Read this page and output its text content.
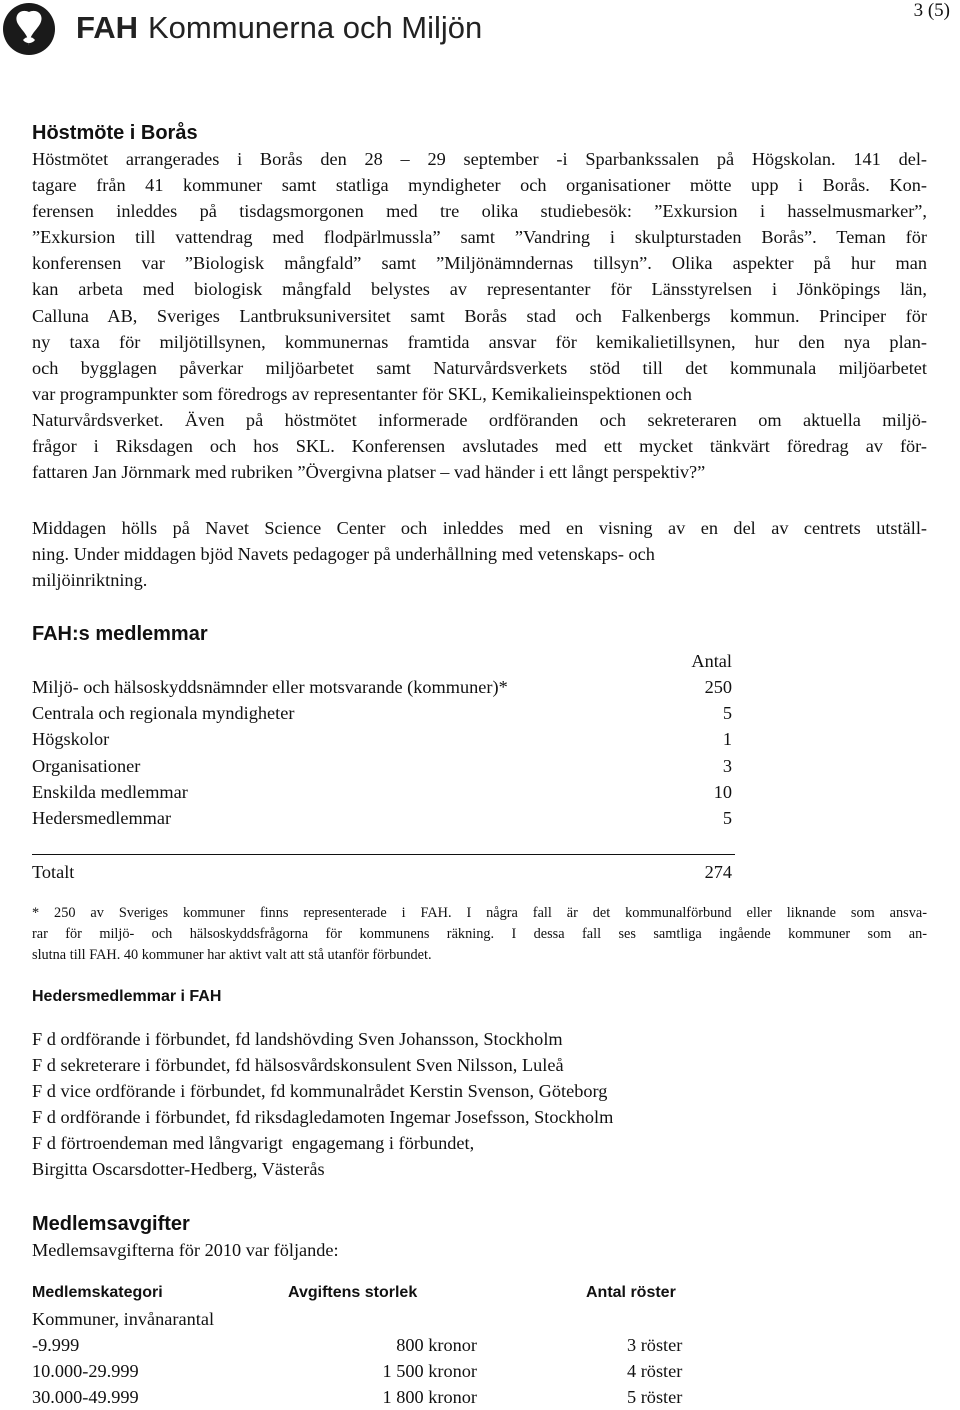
FAH Kommunerna och Miljön	3 (5)
Höstmöte i Borås
Höstmötet arrangerades i Borås den 28 – 29 september -i Sparbankssalen på Högskolan. 141 del-
tagare från 41 kommuner samt statliga myndigheter och organisationer mötte upp i Borås. Kon-
ferensen inleddes på tisdagsmorgonen med tre olika studiebesök: ”Exkursion i hasselmusmarker”,
”Exkursion till vattendrag med flodpärlmussla” samt ”Vandring i skulpturstaden Borås”. Teman för
konferensen var ”Biologisk mångfald” samt ”Miljönämndernas tillsyn”. Olika aspekter på hur man
kan arbeta med biologisk mångfald belystes av representanter för Länsstyrelsen i Jönköpings län,
Calluna AB, Sveriges Lantbruksuniversitet samt Borås stad och Falkenbergs kommun. Principer för
ny taxa för miljötillsynen, kommunernas framtida ansvar för kemikalietillsynen, hur den nya plan-
och bygglagen påverkar miljöarbetet samt Naturvårdsverkets stöd till det kommunala miljöarbetet
var programpunkter som föredrogs av representanter för SKL, Kemikalieinspektionen och
Naturvårdsverket. Även på höstmötet informerade ordföranden och sekreteraren om aktuella miljö-
frågor i Riksdagen och hos SKL. Konferensen avslutades med ett mycket tänkvärt föredrag av för-
fattaren Jan Jörnmark med rubriken ”Övergivna platser – vad händer i ett långt perspektiv?”
Middagen hölls på Navet Science Center och inleddes med en visning av en del av centrets utställ-
ning. Under middagen bjöd Navets pedagoger på underhållning med vetenskaps- och
miljöinriktning.
FAH:s medlemmar
Antal
Miljö- och hälsoskyddsnämnder eller motsvarande (kommuner)*	250
Centrala och regionala myndigheter	5
Högskolor	1
Organisationer	3
Enskilda medlemmar	10
Hedersmedlemmar	5
Totalt	274
* 250 av Sveriges kommuner finns representerade i FAH. I några fall är det kommunalförbund eller liknande som ansva-
rar för miljö- och hälsoskyddsfrågorna för kommunens räkning. I dessa fall ses samtliga ingående kommuner som an-
slutna till FAH. 40 kommuner har aktivt valt att stå utanför förbundet.
Hedersmedlemmar i FAH
F d ordförande i förbundet, fd landshövding Sven Johansson, Stockholm
F d sekreterare i förbundet, fd hälsosvårdskonsulent Sven Nilsson, Luleå
F d vice ordförande i förbundet, fd kommunalrådet Kerstin Svenson, Göteborg
F d ordförande i förbundet, fd riksdagledamoten Ingemar Josefsson, Stockholm
F d förtroendeman med långvarigt  engagemang i förbundet,
Birgitta Oscarsdotter-Hedberg, Västerås
Medlemsavgifter
Medlemsavgifterna för 2010 var följande:
Medlemskategori	Avgiftens storlek	Antal röster
Kommuner, invånarantal
-9.999	800 kronor	3 röster
10.000-29.999	1 500 kronor	4 röster
30.000-49.999	1 800 kronor	5 röster
